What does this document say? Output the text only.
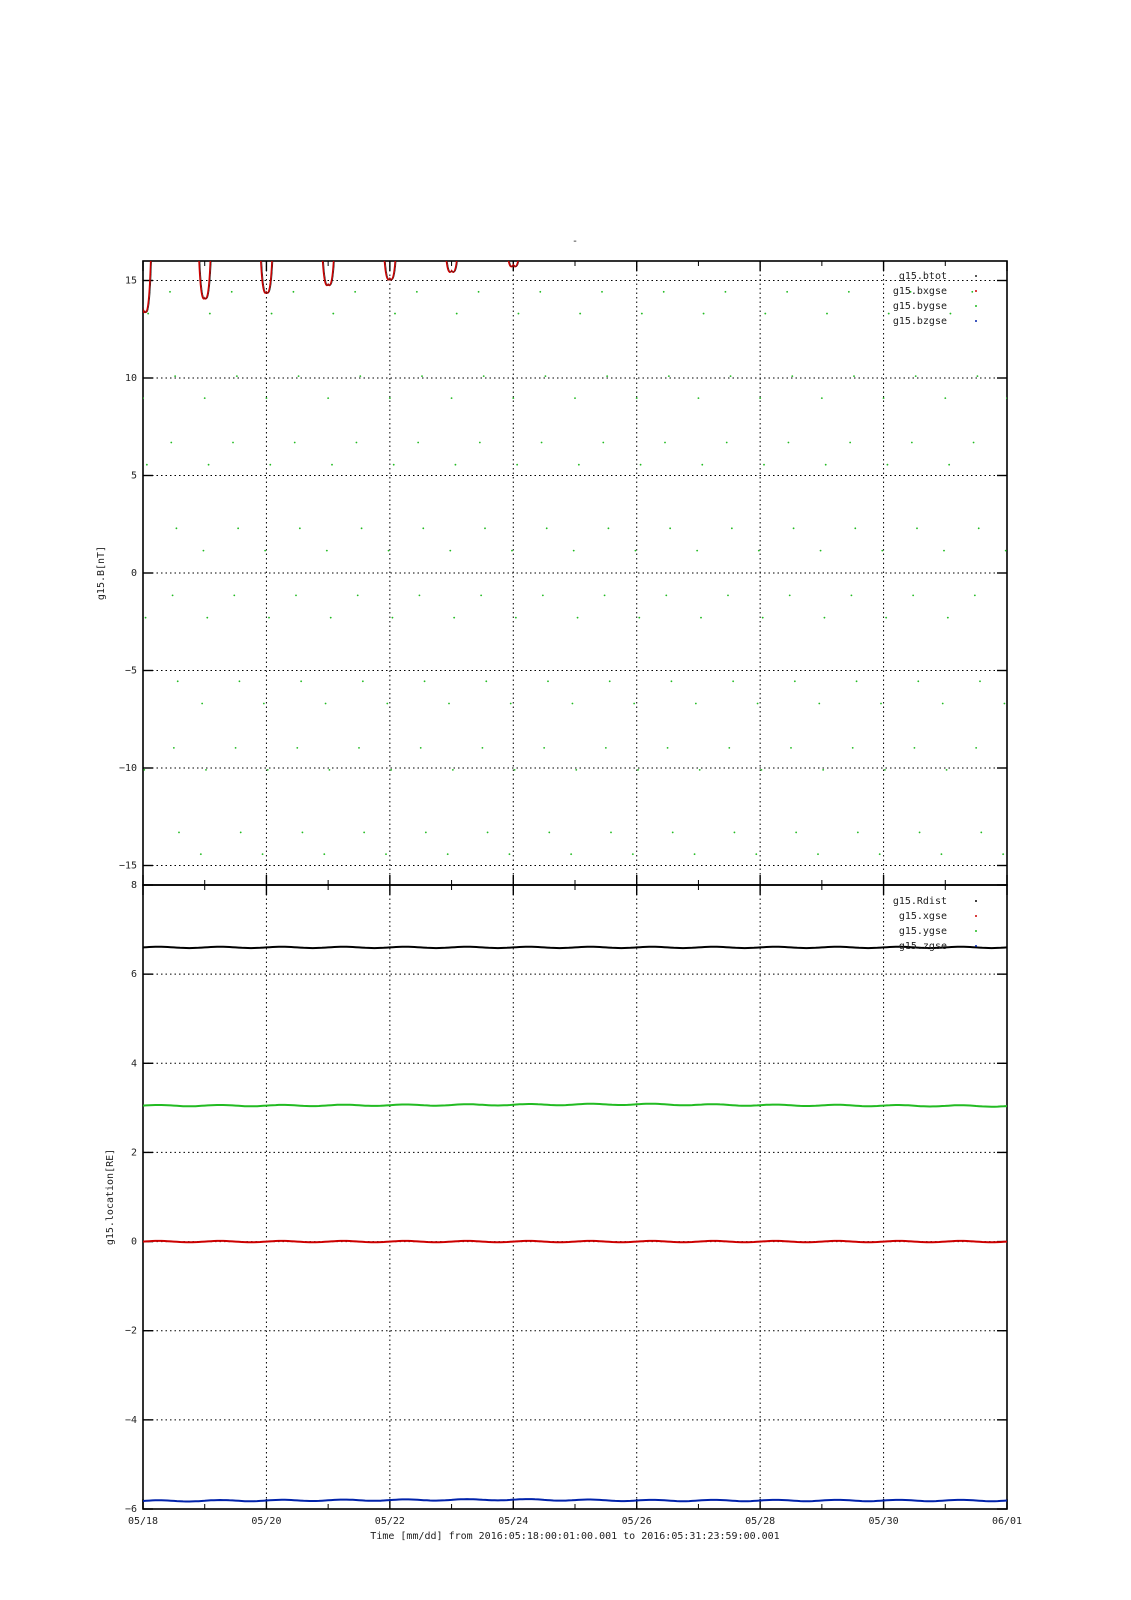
-
15
10
5
0
−5
−10
−15
g15.B[nT]
g15.btot
g15.bxgse
g15.bygse
g15.bzgse
8
6
4
2
0
−2
−4
−6
g15.location[RE]
g15.Rdist
g15.xgse
g15.ygse
g15.zgse
05/18	05/20	05/22	05/24	05/26	05/28	05/30	06/01
Time [mm/dd] from 2016:05:18:00:01:00.001 to 2016:05:31:23:59:00.001
